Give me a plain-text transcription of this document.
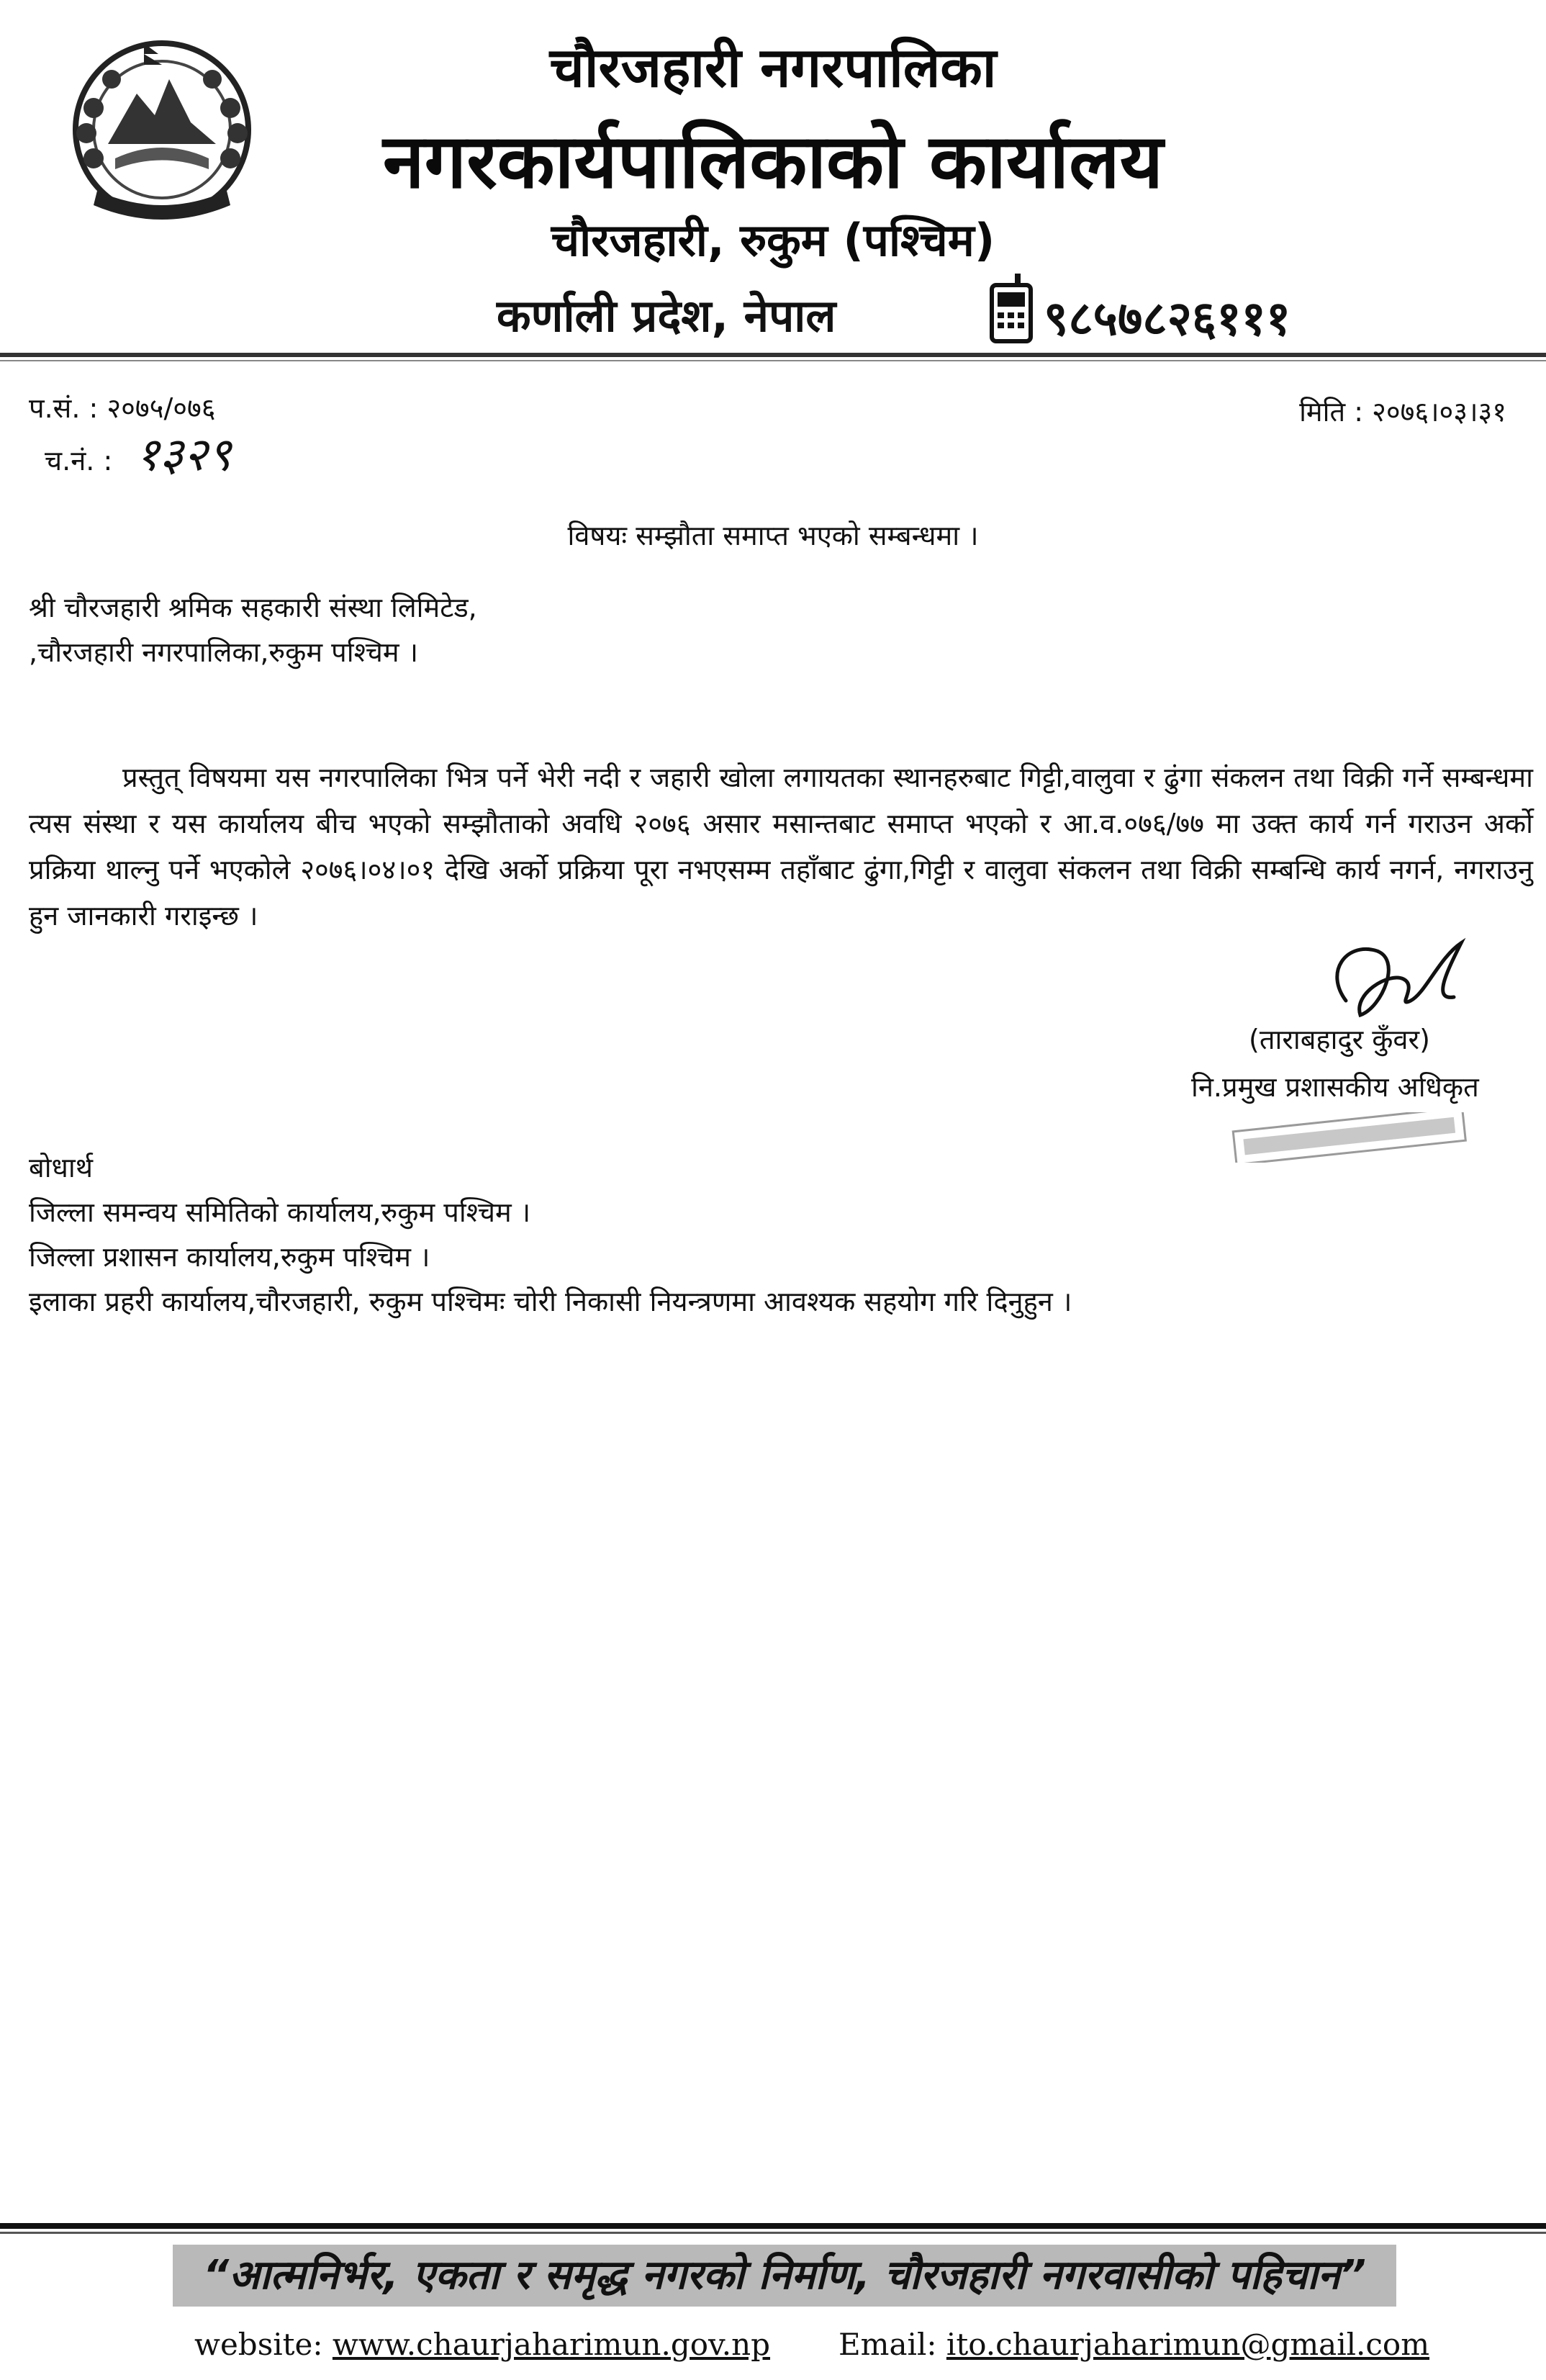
चौरजहारी नगरपालिका
नगरकार्यपालिकाको कार्यालय
चौरजहारी, रुकुम (पश्चिम)
कर्णाली प्रदेश, नेपाल	९८५७८२६१११
प.सं. : २०७५/०७६
च.नं. : १३२९
मिति : २०७६।०३।३१
विषयः सम्झौता समाप्त भएको सम्बन्धमा ।
श्री चौरजहारी श्रमिक सहकारी संस्था लिमिटेड,
,चौरजहारी नगरपालिका,रुकुम पश्चिम ।
प्रस्तुत् विषयमा यस नगरपालिका भित्र पर्ने भेरी नदी र जहारी खोला लगायतका स्थानहरुबाट गिट्टी,वालुवा र ढुंगा संकलन तथा विक्री गर्ने सम्बन्धमा त्यस संस्था र यस कार्यालय बीच भएको सम्झौताको अवधि २०७६ असार मसान्तबाट समाप्त भएको र आ.व.०७६/७७ मा उक्त कार्य गर्न गराउन अर्को प्रक्रिया थाल्नु पर्ने भएकोले २०७६।०४।०१ देखि अर्को प्रक्रिया पूरा नभएसम्म तहाँबाट ढुंगा,गिट्टी र वालुवा संकलन तथा विक्री सम्बन्धि कार्य नगर्न, नगराउनु हुन जानकारी गराइन्छ ।
(ताराबहादुर कुँवर)
नि.प्रमुख प्रशासकीय अधिकृत
बोधार्थ
जिल्ला समन्वय समितिको कार्यालय,रुकुम पश्चिम ।
जिल्ला प्रशासन कार्यालय,रुकुम पश्चिम ।
इलाका प्रहरी कार्यालय,चौरजहारी, रुकुम पश्चिमः चोरी निकासी नियन्त्रणमा आवश्यक सहयोग गरि दिनुहुन ।
“आत्मनिर्भर, एकता र समृद्ध नगरको निर्माण, चौरजहारी नगरवासीको पहिचान”
website: www.chaurjaharimun.gov.np Email: ito.chaurjaharimun@gmail.com
